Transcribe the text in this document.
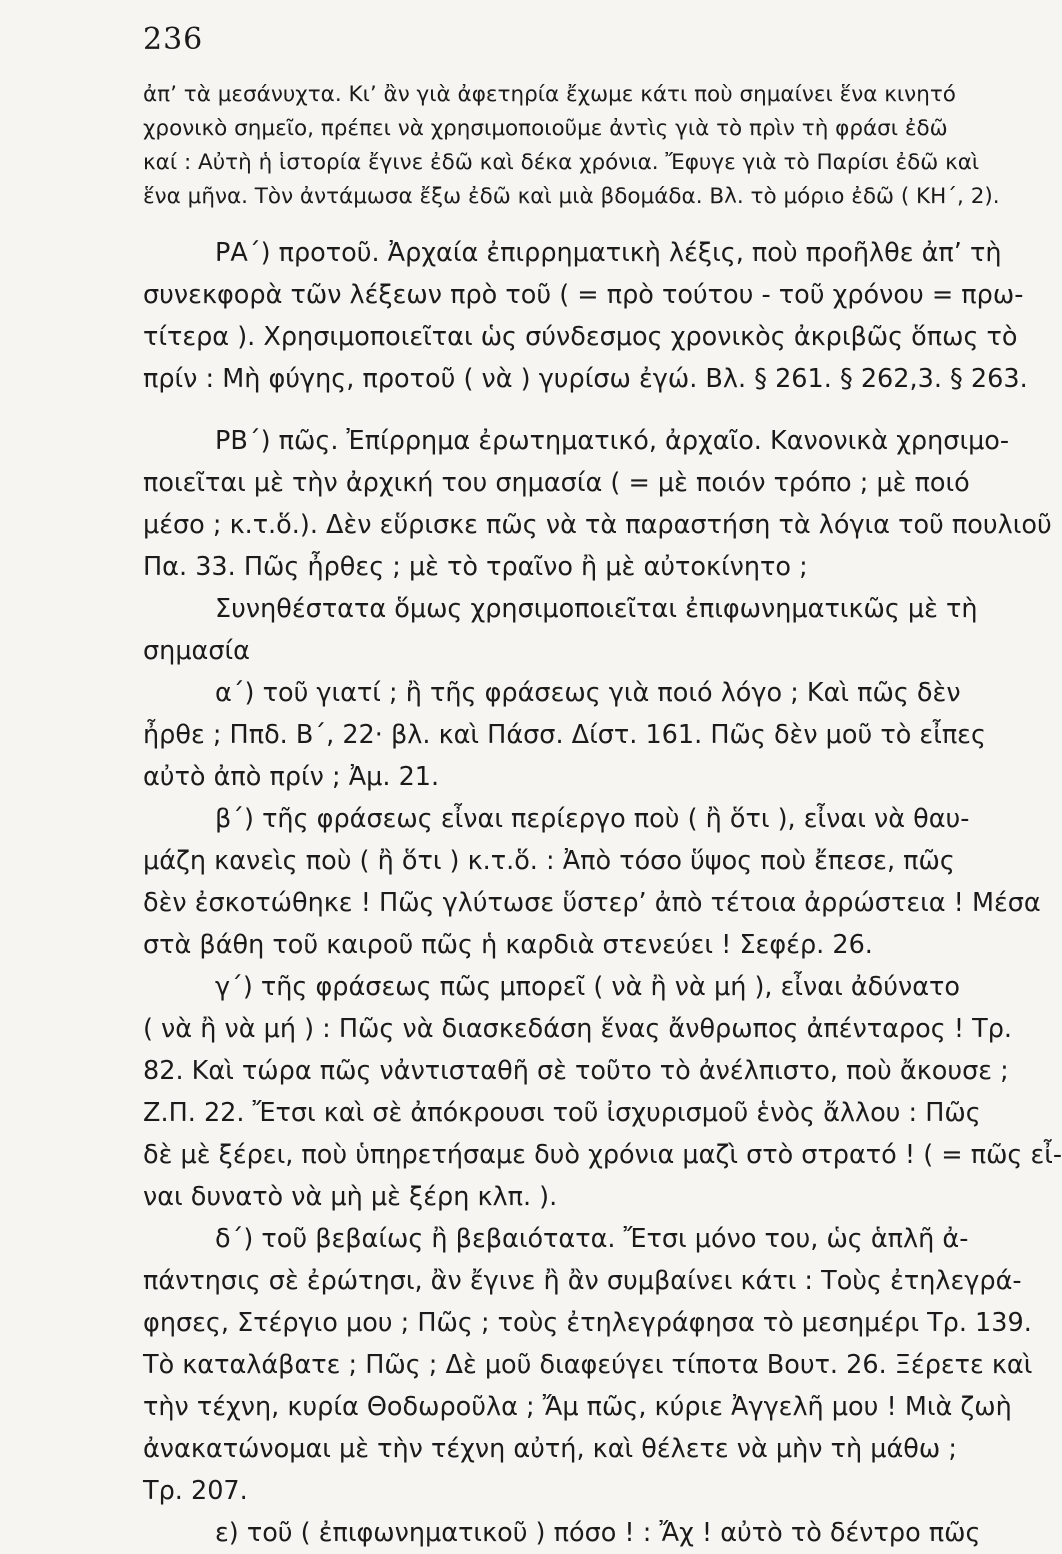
236
ἀπ’ τὰ μεσάνυχτα. Κι’ ἂν γιὰ ἀφετηρία ἔχωμε κάτι ποὺ σημαίνει ἕνα κινητό
χρονικὸ σημεῖο, πρέπει νὰ χρησιμοποιοῦμε ἀντὶς γιὰ τὸ πρὶν τὴ φράσι ἐδῶ
καί : Αὐτὴ ἡ ἱστορία ἔγινε ἐδῶ καὶ δέκα χρόνια. Ἔφυγε γιὰ τὸ Παρίσι ἐδῶ καὶ
ἕνα μῆνα. Τὸν ἀντάμωσα ἔξω ἐδῶ καὶ μιὰ βδομάδα. Βλ. τὸ μόριο ἐδῶ ( ΚΗ΄, 2).
ΡΑ΄) προτοῦ. Ἀρχαία ἐπιρρηματικὴ λέξις, ποὺ προῆλθε ἀπ’ τὴ
συνεκφορὰ τῶν λέξεων πρὸ τοῦ ( = πρὸ τούτου - τοῦ χρόνου = πρω-
τίτερα ). Χρησιμοποιεῖται ὡς σύνδεσμος χρονικὸς ἀκριβῶς ὅπως τὸ
πρίν : Μὴ φύγης, προτοῦ ( νὰ ) γυρίσω ἐγώ. Βλ. § 261. § 262,3. § 263.
ΡΒ΄) πῶς. Ἐπίρρημα ἐρωτηματικό, ἀρχαῖο. Κανονικὰ χρησιμο-
ποιεῖται μὲ τὴν ἀρχική του σημασία ( = μὲ ποιόν τρόπο ; μὲ ποιό
μέσο ; κ.τ.ὅ.). Δὲν εὕρισκε πῶς νὰ τὰ παραστήση τὰ λόγια τοῦ πουλιοῦ
Πα. 33. Πῶς ἦρθες ; μὲ τὸ τραῖνο ἢ μὲ αὐτοκίνητο ;
Συνηθέστατα ὅμως χρησιμοποιεῖται ἐπιφωνηματικῶς μὲ τὴ
σημασία
α΄) τοῦ γιατί ; ἢ τῆς φράσεως γιὰ ποιό λόγο ; Καὶ πῶς δὲν
ἦρθε ; Ππδ. Β΄, 22· βλ. καὶ Πάσσ. Δίστ. 161. Πῶς δὲν μοῦ τὸ εἶπες
αὐτὸ ἀπὸ πρίν ; Ἀμ. 21.
β΄) τῆς φράσεως εἶναι περίεργο ποὺ ( ἢ ὅτι ), εἶναι νὰ θαυ-
μάζη κανεὶς ποὺ ( ἢ ὅτι ) κ.τ.ὅ. : Ἀπὸ τόσο ὕψος ποὺ ἔπεσε, πῶς
δὲν ἐσκοτώθηκε ! Πῶς γλύτωσε ὕστερ’ ἀπὸ τέτοια ἀρρώστεια ! Μέσα
στὰ βάθη τοῦ καιροῦ πῶς ἡ καρδιὰ στενεύει ! Σεφέρ. 26.
γ΄) τῆς φράσεως πῶς μπορεῖ ( νὰ ἢ νὰ μή ), εἶναι ἀδύνατο
( νὰ ἢ νὰ μή ) : Πῶς νὰ διασκεδάση ἕνας ἄνθρωπος ἀπένταρος ! Τρ.
82. Καὶ τώρα πῶς νἀντισταθῆ σὲ τοῦτο τὸ ἀνέλπιστο, ποὺ ἄκουσε ;
Ζ.Π. 22. Ἔτσι καὶ σὲ ἀπόκρουσι τοῦ ἰσχυρισμοῦ ἑνὸς ἄλλου : Πῶς
δὲ μὲ ξέρει, ποὺ ὑπηρετήσαμε δυὸ χρόνια μαζὶ στὸ στρατό ! ( = πῶς εἶ-
ναι δυνατὸ νὰ μὴ μὲ ξέρη κλπ. ).
δ΄) τοῦ βεβαίως ἢ βεβαιότατα. Ἔτσι μόνο του, ὡς ἁπλῆ ἀ-
πάντησις σὲ ἐρώτησι, ἂν ἔγινε ἢ ἂν συμβαίνει κάτι : Τοὺς ἐτηλεγρά-
φησες, Στέργιο μου ; Πῶς ; τοὺς ἐτηλεγράφησα τὸ μεσημέρι Τρ. 139.
Τὸ καταλάβατε ; Πῶς ; Δὲ μοῦ διαφεύγει τίποτα Βουτ. 26. Ξέρετε καὶ
τὴν τέχνη, κυρία Θοδωροῦλα ; Ἄμ πῶς, κύριε Ἀγγελῆ μου ! Μιὰ ζωὴ
ἀνακατώνομαι μὲ τὴν τέχνη αὐτή, καὶ θέλετε νὰ μὴν τὴ μάθω ;
Τρ. 207.
ε) τοῦ ( ἐπιφωνηματικοῦ ) πόσο ! : Ἄχ ! αὐτὸ τὸ δέντρο πῶς
